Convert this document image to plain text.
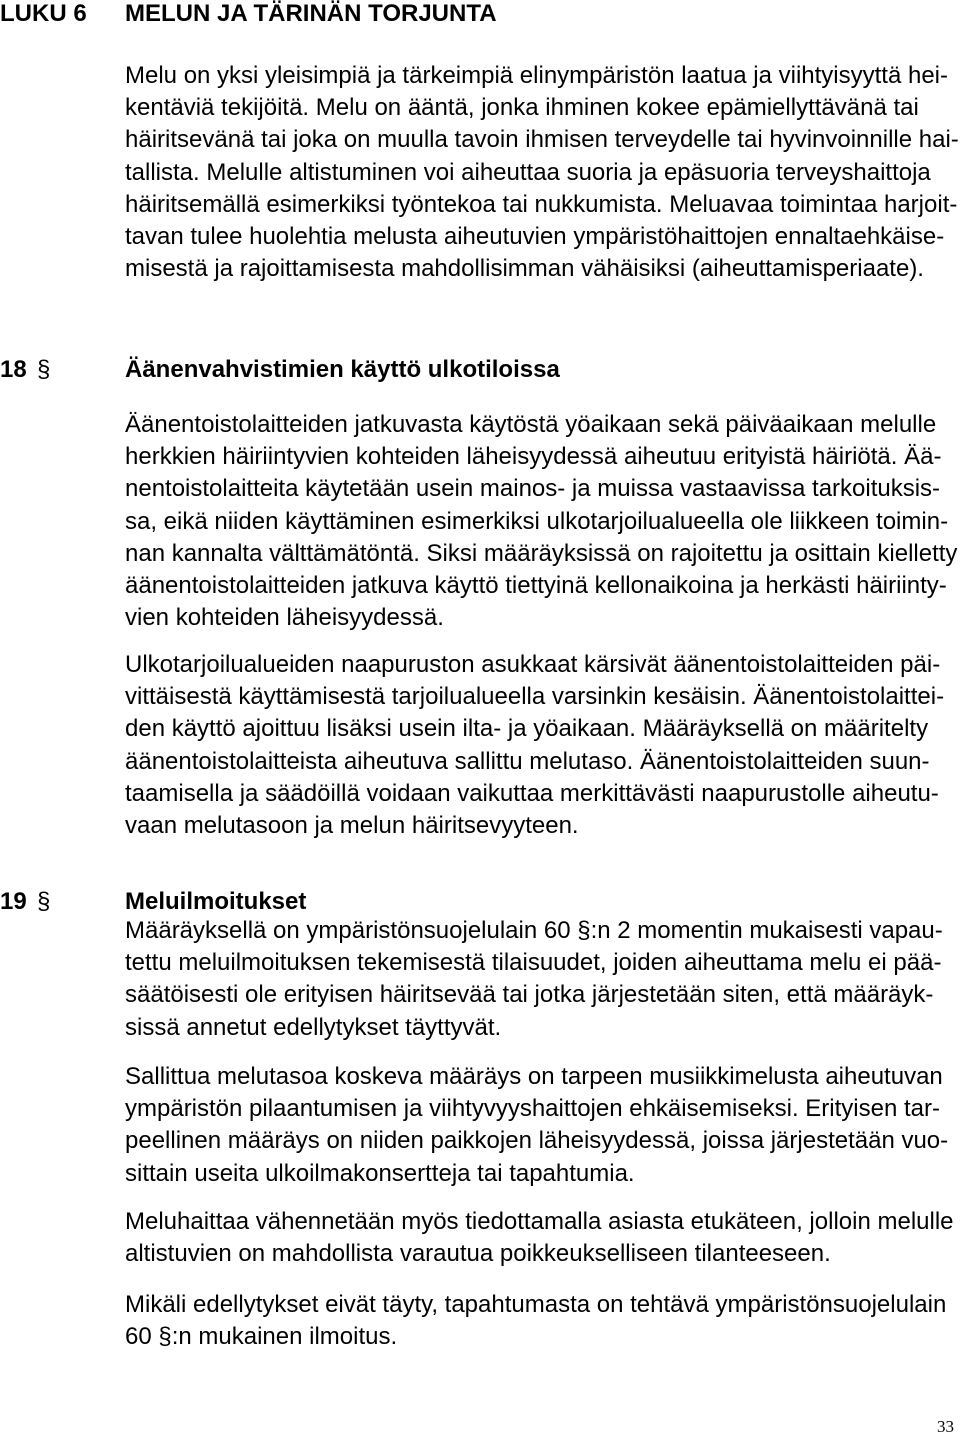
LUKU 6 MELUN JA TÄRINÄN TORJUNTA
Melu on yksi yleisimpiä ja tärkeimpiä elinympäristön laatua ja viihtyisyyttä hei-
kentäviä tekijöitä. Melu on ääntä, jonka ihminen kokee epämiellyttävänä tai
häiritsevänä tai joka on muulla tavoin ihmisen terveydelle tai hyvinvoinnille hai-
tallista. Melulle altistuminen voi aiheuttaa suoria ja epäsuoria terveyshaittoja
häiritsemällä esimerkiksi työntekoa tai nukkumista. Meluavaa toimintaa harjoit-
tavan tulee huolehtia melusta aiheutuvien ympäristöhaittojen ennaltaehkäise-
misestä ja rajoittamisesta mahdollisimman vähäisiksi (aiheuttamisperiaate).
18 §	Äänenvahvistimien käyttö ulkotiloissa
Äänentoistolaitteiden jatkuvasta käytöstä yöaikaan sekä päiväaikaan melulle
herkkien häiriintyvien kohteiden läheisyydessä aiheutuu erityistä häiriötä. Ää-
nentoistolaitteita käytetään usein mainos- ja muissa vastaavissa tarkoituksis-
sa, eikä niiden käyttäminen esimerkiksi ulkotarjoilualueella ole liikkeen toimin-
nan kannalta välttämätöntä. Siksi määräyksissä on rajoitettu ja osittain kielletty
äänentoistolaitteiden jatkuva käyttö tiettyinä kellonaikoina ja herkästi häiriinty-
vien kohteiden läheisyydessä.
Ulkotarjoilualueiden naapuruston asukkaat kärsivät äänentoistolaitteiden päi-
vittäisestä käyttämisestä tarjoilualueella varsinkin kesäisin. Äänentoistolaittei-
den käyttö ajoittuu lisäksi usein ilta- ja yöaikaan. Määräyksellä on määritelty
äänentoistolaitteista aiheutuva sallittu melutaso. Äänentoistolaitteiden suun-
taamisella ja säädöillä voidaan vaikuttaa merkittävästi naapurustolle aiheutu-
vaan melutasoon ja melun häiritsevyyteen.
19 §	Meluilmoitukset
Määräyksellä on ympäristönsuojelulain 60 §:n 2 momentin mukaisesti vapau-
tettu meluilmoituksen tekemisestä tilaisuudet, joiden aiheuttama melu ei pää-
säätöisesti ole erityisen häiritsevää tai jotka järjestetään siten, että määräyk-
sissä annetut edellytykset täyttyvät.
Sallittua melutasoa koskeva määräys on tarpeen musiikkimelusta aiheutuvan
ympäristön pilaantumisen ja viihtyvyyshaittojen ehkäisemiseksi. Erityisen tar-
peellinen määräys on niiden paikkojen läheisyydessä, joissa järjestetään vuo-
sittain useita ulkoilmakonsertteja tai tapahtumia.
Meluhaittaa vähennetään myös tiedottamalla asiasta etukäteen, jolloin melulle
altistuvien on mahdollista varautua poikkeukselliseen tilanteeseen.
Mikäli edellytykset eivät täyty, tapahtumasta on tehtävä ympäristönsuojelulain
60 §:n mukainen ilmoitus.
33
